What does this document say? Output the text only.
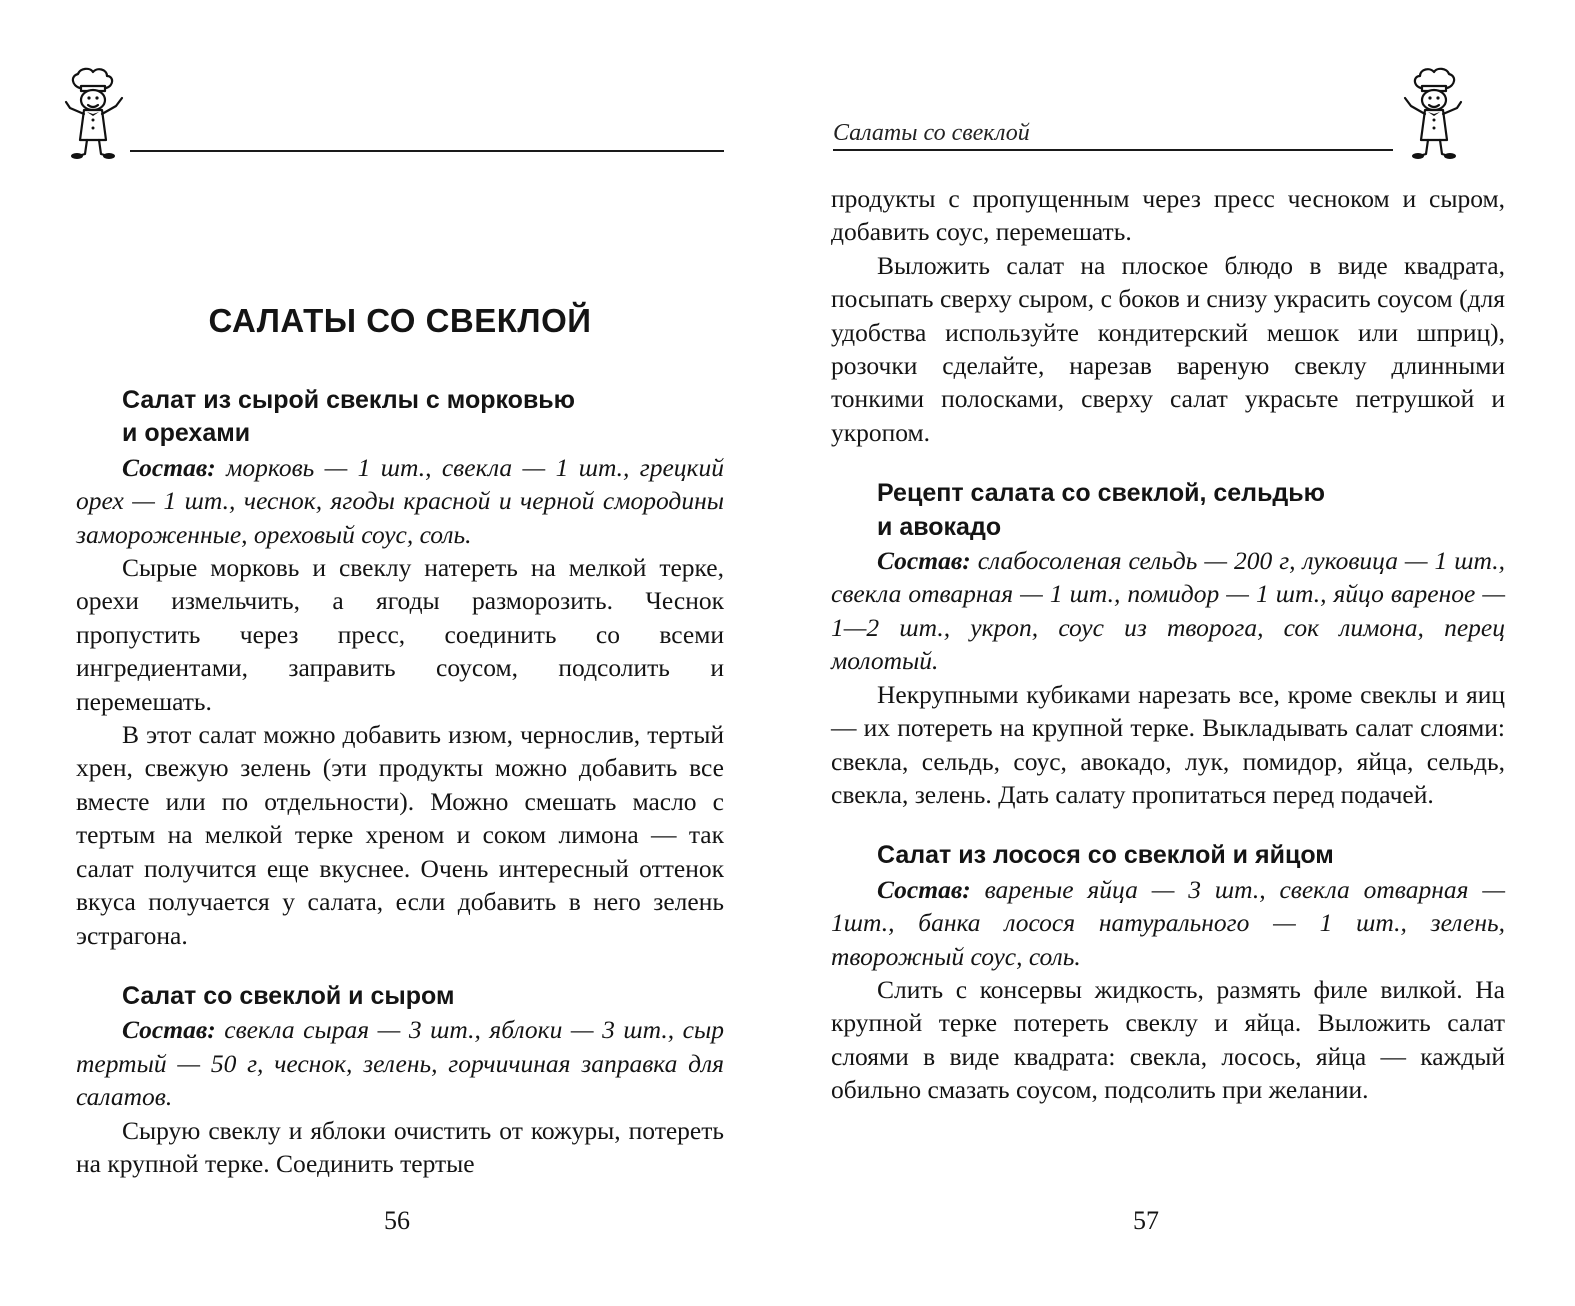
САЛАТЫ СО СВЕКЛОЙ
Салат из сырой свеклы с морковью
и орехами

Состав: морковь — 1 шт., свекла — 1 шт., грецкий орех — 1 шт., чеснок, ягоды красной и черной смородины замороженные, ореховый соус, соль.

Сырые морковь и свеклу натереть на мелкой терке, орехи измельчить, а ягоды разморозить. Чеснок пропустить через пресс, соединить со всеми ингредиентами, заправить соусом, подсолить и перемешать.

В этот салат можно добавить изюм, чернослив, тертый хрен, свежую зелень (эти продукты можно добавить все вместе или по отдельности). Можно смешать масло с тертым на мелкой терке хреном и соком лимона — так салат получится еще вкуснее. Очень интересный оттенок вкуса получается у салата, если добавить в него зелень эстрагона.

Салат со свеклой и сыром

Состав: свекла сырая — 3 шт., яблоки — 3 шт., сыр тертый — 50 г, чеснок, зелень, горчичиная заправка для салатов.

Сырую свеклу и яблоки очистить от кожуры, потереть на крупной терке. Соединить тертые

56
Салаты со свеклой

продукты с пропущенным через пресс чесноком и сыром, добавить соус, перемешать.

Выложить салат на плоское блюдо в виде квадрата, посыпать сверху сыром, с боков и снизу украсить соусом (для удобства используйте кондитерский мешок или шприц), розочки сделайте, нарезав вареную свеклу длинными тонкими полосками, сверху салат украсьте петрушкой и укропом.

Рецепт салата со свеклой, сельдью
и авокадо

Состав: слабосоленая сельдь — 200 г, луковица — 1 шт., свекла отварная — 1 шт., помидор — 1 шт., яйцо вареное — 1—2 шт., укроп, соус из творога, сок лимона, перец молотый.

Некрупными кубиками нарезать все, кроме свеклы и яиц — их потереть на крупной терке. Выкладывать салат слоями: свекла, сельдь, соус, авокадо, лук, помидор, яйца, сельдь, свекла, зелень. Дать салату пропитаться перед подачей.

Салат из лосося со свеклой и яйцом

Состав: вареные яйца — 3 шт., свекла отварная — 1шт., банка лосося натурального — 1 шт., зелень, творожный соус, соль.

Слить с консервы жидкость, размять филе вилкой. На крупной терке потереть свеклу и яйца. Выложить салат слоями в виде квадрата: свекла, лосось, яйца — каждый обильно смазать соусом, подсолить при желании.

57
